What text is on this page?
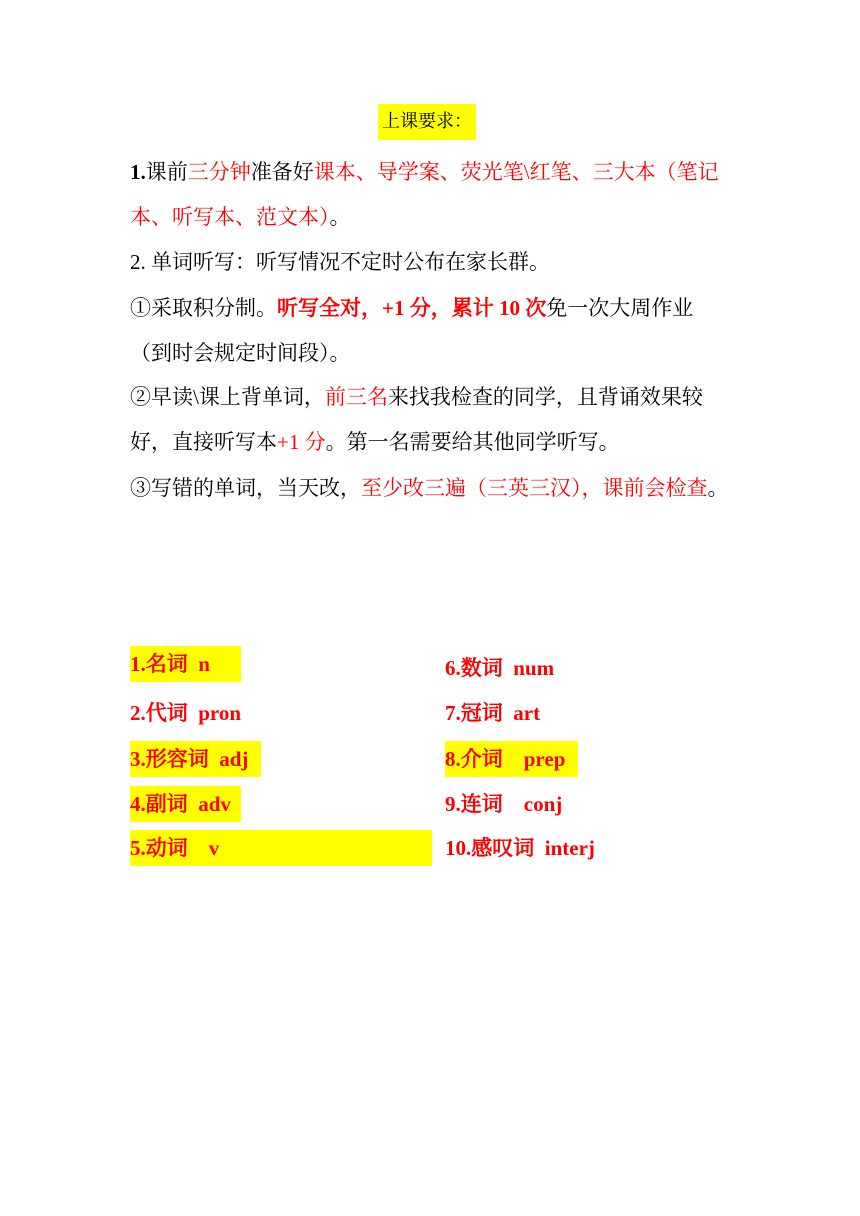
上课要求：
1.课前三分钟准备好课本、导学案、荧光笔\红笔、三大本（笔记本、听写本、范文本）。
2. 单词听写：听写情况不定时公布在家长群。
①采取积分制。听写全对，+1 分，累计 10 次免一次大周作业（到时会规定时间段）。
②早读\课上背单词，前三名来找我检查的同学，且背诵效果较好，直接听写本+1 分。第一名需要给其他同学听写。
③写错的单词，当天改，至少改三遍（三英三汉），课前会检查。
1.名词  n
2.代词  pron
3.形容词  adj
4.副词  adv
5.动词    v
6.数词  num
7.冠词  art
8.介词    prep
9.连词    conj
10.感叹词  interj
